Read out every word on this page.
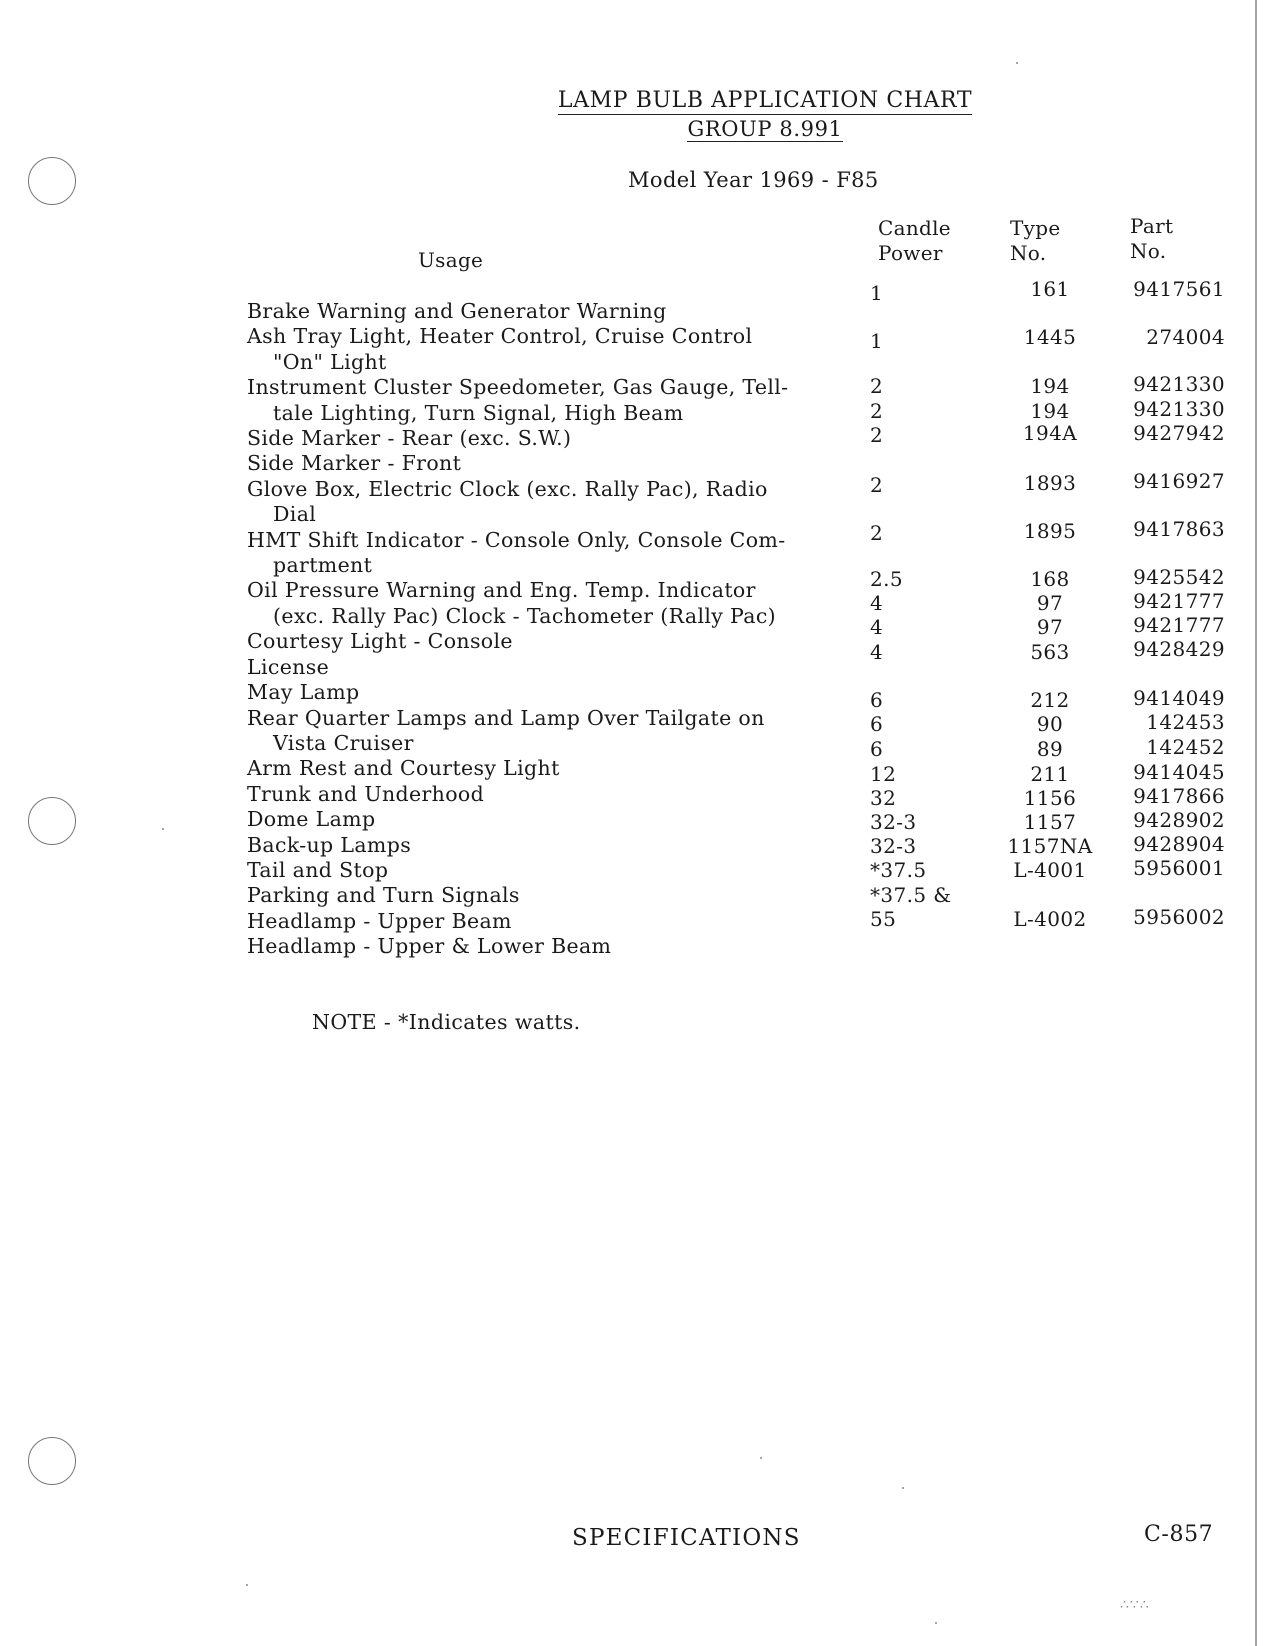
LAMP BULB APPLICATION CHART
GROUP 8.991
Model Year 1969 - F85
Usage
Candle
Power
Type
No.
Part
No.
Brake Warning and Generator Warning
Ash Tray Light, Heater Control, Cruise Control
"On" Light
Instrument Cluster Speedometer, Gas Gauge, Tell-
tale Lighting, Turn Signal, High Beam
Side Marker - Rear (exc. S.W.)
Side Marker - Front
Glove Box, Electric Clock (exc. Rally Pac), Radio
Dial
HMT Shift Indicator - Console Only, Console Com-
partment
Oil Pressure Warning and Eng. Temp. Indicator
(exc. Rally Pac) Clock - Tachometer (Rally Pac)
Courtesy Light - Console
License
May Lamp
Rear Quarter Lamps and Lamp Over Tailgate on
Vista Cruiser
Arm Rest and Courtesy Light
Trunk and Underhood
Dome Lamp
Back-up Lamps
Tail and Stop
Parking and Turn Signals
Headlamp - Upper Beam
Headlamp - Upper & Lower Beam
1
1
2
2
2
2
2
2.5
4
4
4
6
6
6
12
32
32-3
32-3
*37.5
*37.5 &
55
161
1445
194
194
194A
1893
1895
168
97
97
563
212
90
89
211
1156
1157
1157NA
L-4001
L-4002
9417561
274004
9421330
9421330
9427942
9416927
9417863
9425542
9421777
9421777
9428429
9414049
142453
142452
9414045
9417866
9428902
9428904
5956001
5956002
NOTE - *Indicates watts.
SPECIFICATIONS	C-857
∴∵∴
